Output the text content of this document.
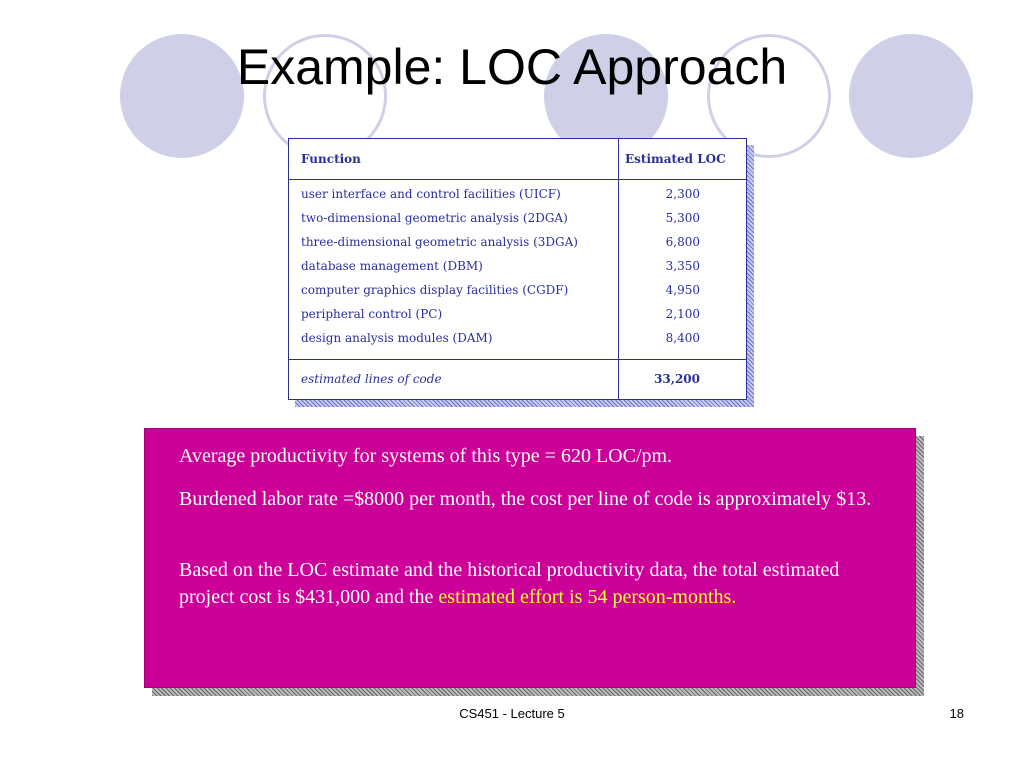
Example: LOC Approach
Function	Estimated LOC
user interface and control facilities (UICF)	2,300
two-dimensional geometric analysis (2DGA)	5,300
three-dimensional geometric analysis (3DGA)	6,800
database management (DBM)	3,350
computer graphics display facilities (CGDF)	4,950
peripheral control (PC)	2,100
design analysis modules (DAM)	8,400
estimated lines of code	33,200
Average productivity for systems of this type = 620 LOC/pm.
Burdened labor rate =$8000 per month, the cost per line of code is approximately $13.
Based on the LOC estimate and the historical productivity data, the total estimated project cost is $431,000 and the estimated effort is 54 person-months.
CS451 - Lecture 5	18
